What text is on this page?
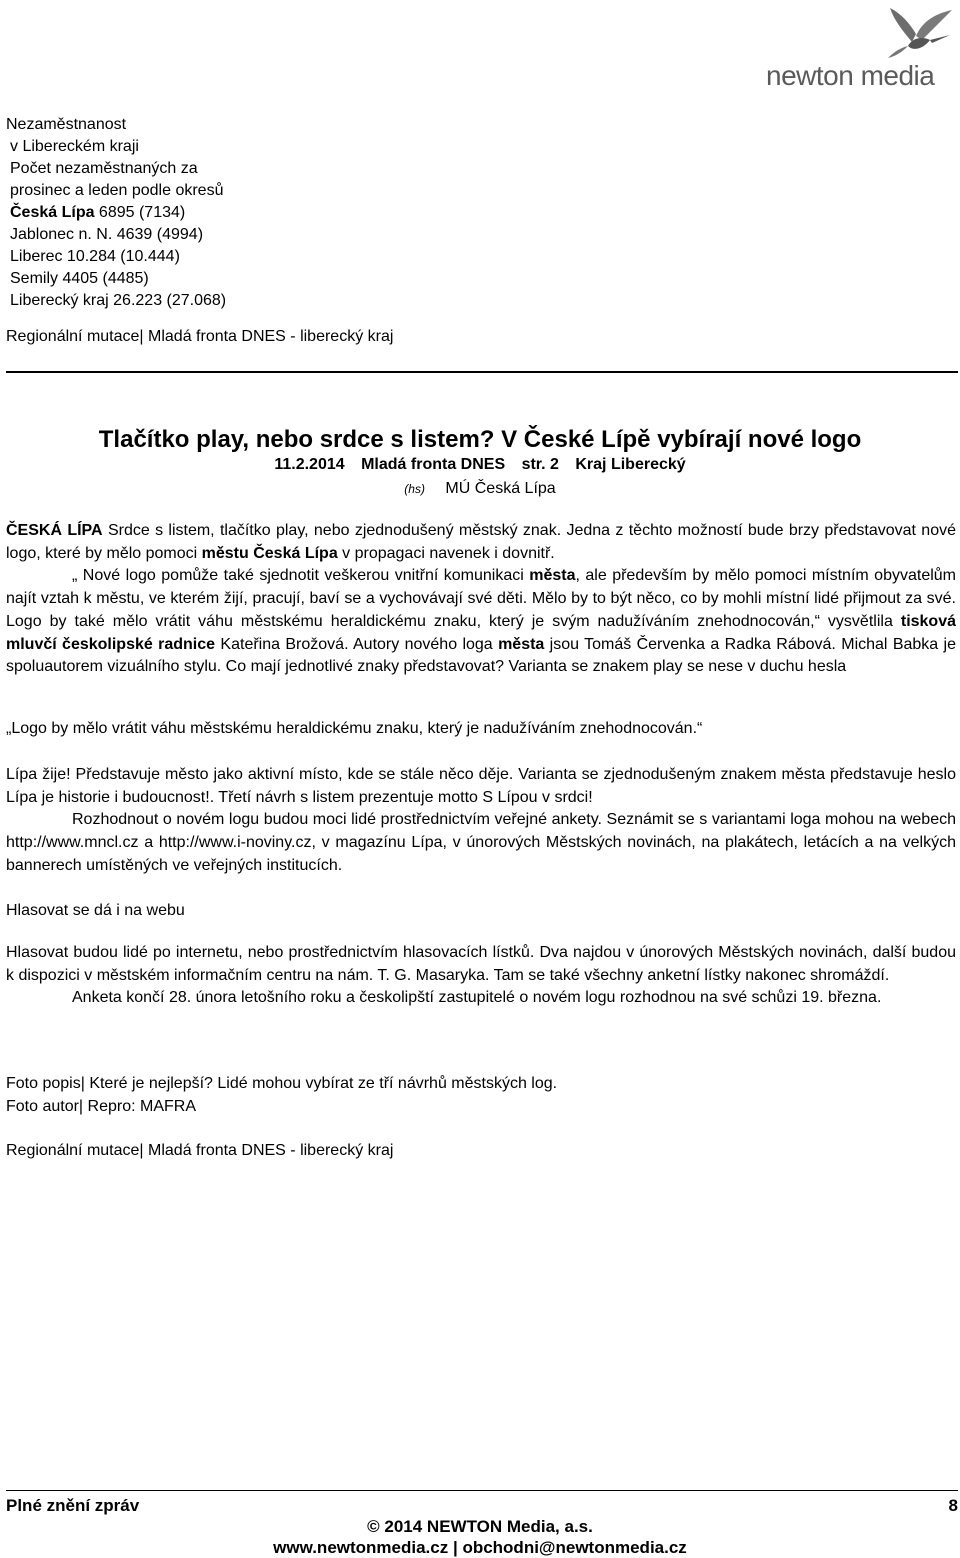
newton media
Nezaměstnanost
v Libereckém kraji
Počet nezaměstnaných za
prosinec a leden podle okresů
Česká Lípa 6895 (7134)
Jablonec n. N. 4639 (4994)
Liberec 10.284 (10.444)
Semily 4405 (4485)
Liberecký kraj 26.223 (27.068)
Regionální mutace| Mladá fronta DNES - liberecký kraj
Tlačítko play, nebo srdce s listem? V České Lípě vybírají nové logo
11.2.2014 Mladá fronta DNES str. 2 Kraj Liberecký
(hs) MÚ Česká Lípa
ČESKÁ LÍPA Srdce s listem, tlačítko play, nebo zjednodušený městský znak. Jedna z těchto možností bude brzy představovat nové logo, které by mělo pomoci městu Česká Lípa v propagaci navenek i dovnitř.
„ Nové logo pomůže také sjednotit veškerou vnitřní komunikaci města, ale především by mělo pomoci místním obyvatelům najít vztah k městu, ve kterém žijí, pracují, baví se a vychovávají své děti. Mělo by to být něco, co by mohli místní lidé přijmout za své. Logo by také mělo vrátit váhu městskému heraldickému znaku, který je svým nadužíváním znehodnocován,“ vysvětlila tisková mluvčí českolipské radnice Kateřina Brožová. Autory nového loga města jsou Tomáš Červenka a Radka Rábová. Michal Babka je spoluautorem vizuálního stylu. Co mají jednotlivé znaky představovat? Varianta se znakem play se nese v duchu hesla
„Logo by mělo vrátit váhu městskému heraldickému znaku, který je nadužíváním znehodnocován.“
Lípa žije! Představuje město jako aktivní místo, kde se stále něco děje. Varianta se zjednodušeným znakem města představuje heslo Lípa je historie i budoucnost!. Třetí návrh s listem prezentuje motto S Lípou v srdci!
Rozhodnout o novém logu budou moci lidé prostřednictvím veřejné ankety. Seznámit se s variantami loga mohou na webech http://www.mncl.cz a http://www.i-noviny.cz, v magazínu Lípa, v únorových Městských novinách, na plakátech, letácích a na velkých bannerech umístěných ve veřejných institucích.
Hlasovat se dá i na webu
Hlasovat budou lidé po internetu, nebo prostřednictvím hlasovacích lístků. Dva najdou v únorových Městských novinách, další budou k dispozici v městském informačním centru na nám. T. G. Masaryka. Tam se také všechny anketní lístky nakonec shromáždí.
Anketa končí 28. února letošního roku a českolipští zastupitelé o novém logu rozhodnou na své schůzi 19. března.
Foto popis| Které je nejlepší? Lidé mohou vybírat ze tří návrhů městských log.
Foto autor| Repro: MAFRA
Regionální mutace| Mladá fronta DNES - liberecký kraj
Plné znění zpráv	8
© 2014 NEWTON Media, a.s.
www.newtonmedia.cz | obchodni@newtonmedia.cz
